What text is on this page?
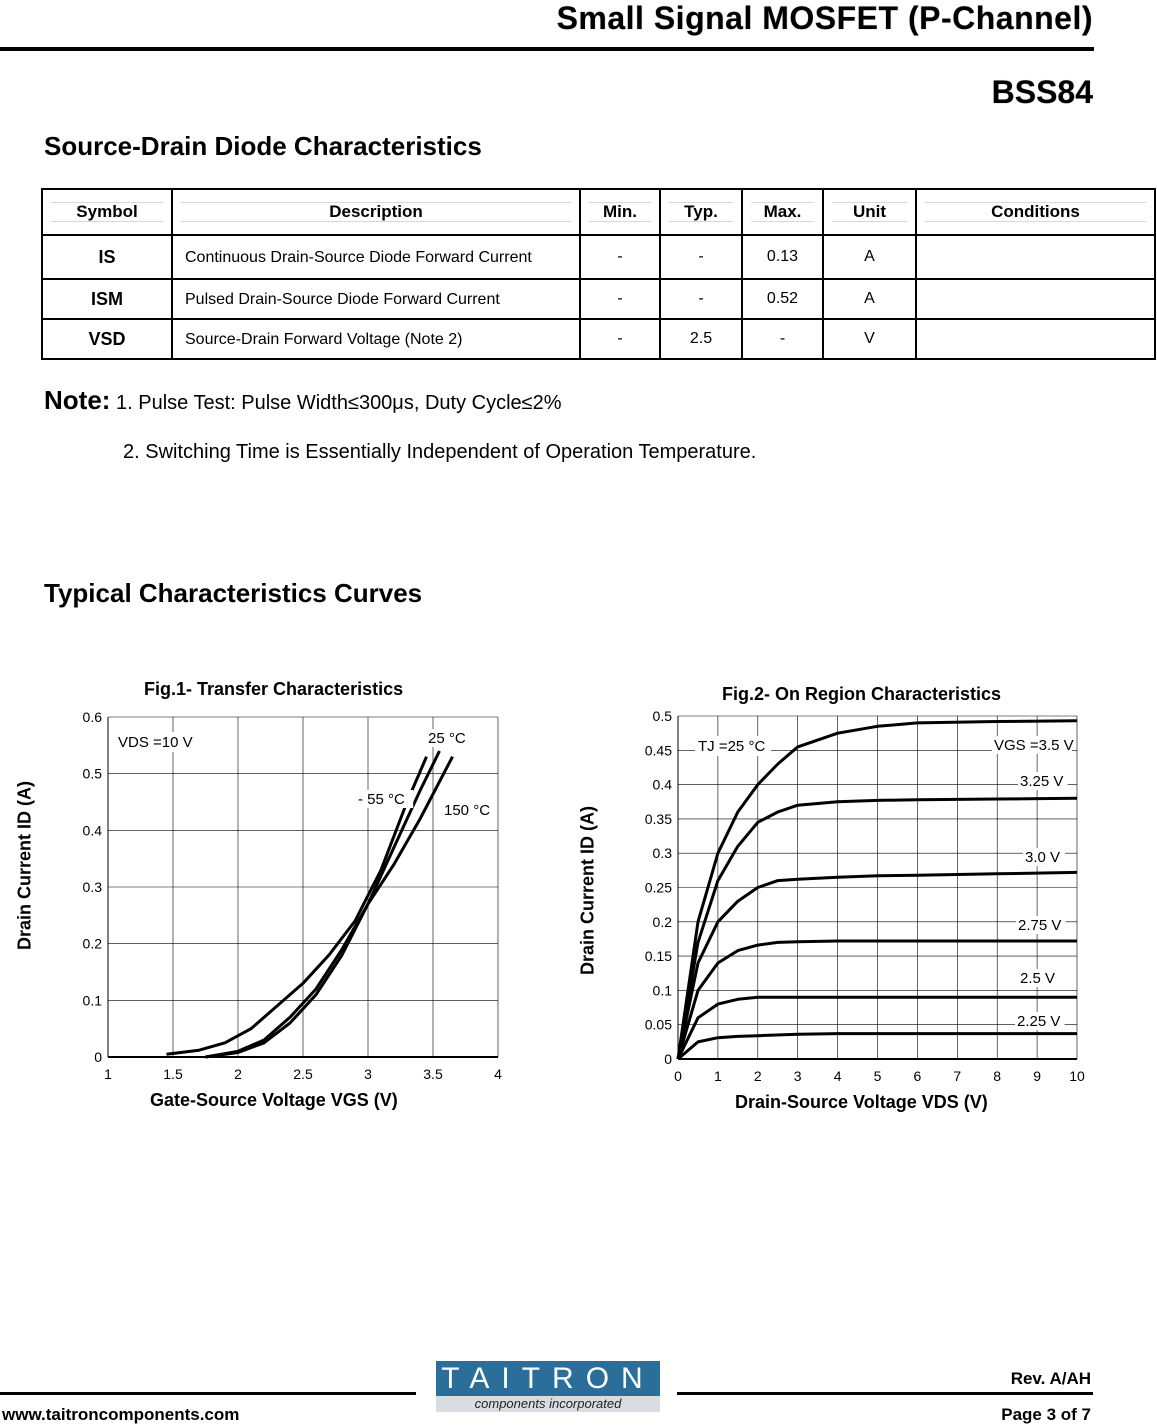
Small Signal MOSFET (P-Channel)
BSS84
Source-Drain Diode Characteristics
Symbol	Description	Min.	Typ.	Max.	Unit	Conditions

IS	Continuous Drain-Source Diode Forward Current	-	-	0.13	A	
ISM	Pulsed Drain-Source Diode Forward Current	-	-	0.52	A	
VSD	Source-Drain Forward Voltage (Note 2)	-	2.5	-	V	
Note: 1. Pulse Test: Pulse Width≤300μs, Duty Cycle≤2%
2. Switching Time is Essentially Independent of Operation Temperature.
Typical Characteristics Curves
Fig.1- Transfer Characteristics
Drain Current ID (A)
Gate-Source Voltage VGS (V)
1	1.5	2	2.5	3	3.5	4
0
0.1
0.2
0.3
0.4
0.5
0.6
25 °C
- 55 °C
150 °C
VDS =10 V
Fig.2- On Region Characteristics
Drain Current ID (A)
Drain-Source Voltage VDS (V)
0 1 2 3 4 5 6 7 8 9 10
0
0.05
0.1
0.15
0.2
0.25
0.3
0.35
0.4
0.45
0.5
VGS =3.5 V
3.25 V
3.0 V
2.75 V
2.5 V
2.25 V
TJ =25 °C
TAITRON
components incorporated
www.taitroncomponents.com
Rev. A/AH
Page 3 of 7
